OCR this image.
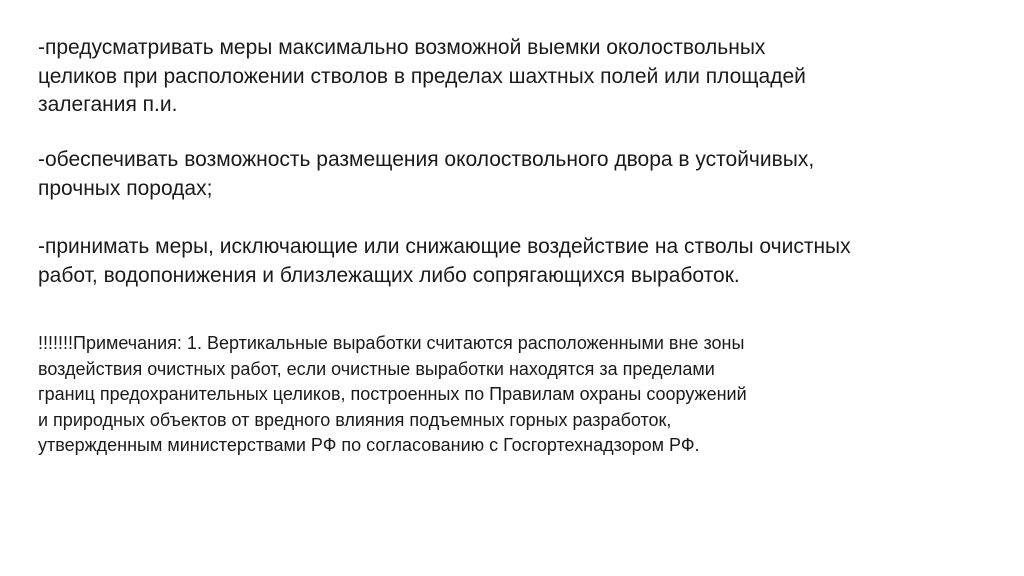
-предусматривать меры максимально возможной выемки околоствольных
целиков при расположении стволов в пределах шахтных полей или площадей
залегания п.и.
-обеспечивать возможность размещения околоствольного двора в устойчивых,
прочных породах;
-принимать меры, исключающие или снижающие воздействие на стволы очистных
работ, водопонижения и близлежащих либо сопрягающихся выработок.
!!!!!!!Примечания: 1. Вертикальные выработки считаются расположенными вне зоны
воздействия очистных работ, если очистные выработки находятся за пределами
границ предохранительных целиков, построенных по Правилам охраны сооружений
и природных объектов от вредного влияния подъемных горных разработок,
утвержденным министерствами РФ по согласованию с Госгортехнадзором РФ.
